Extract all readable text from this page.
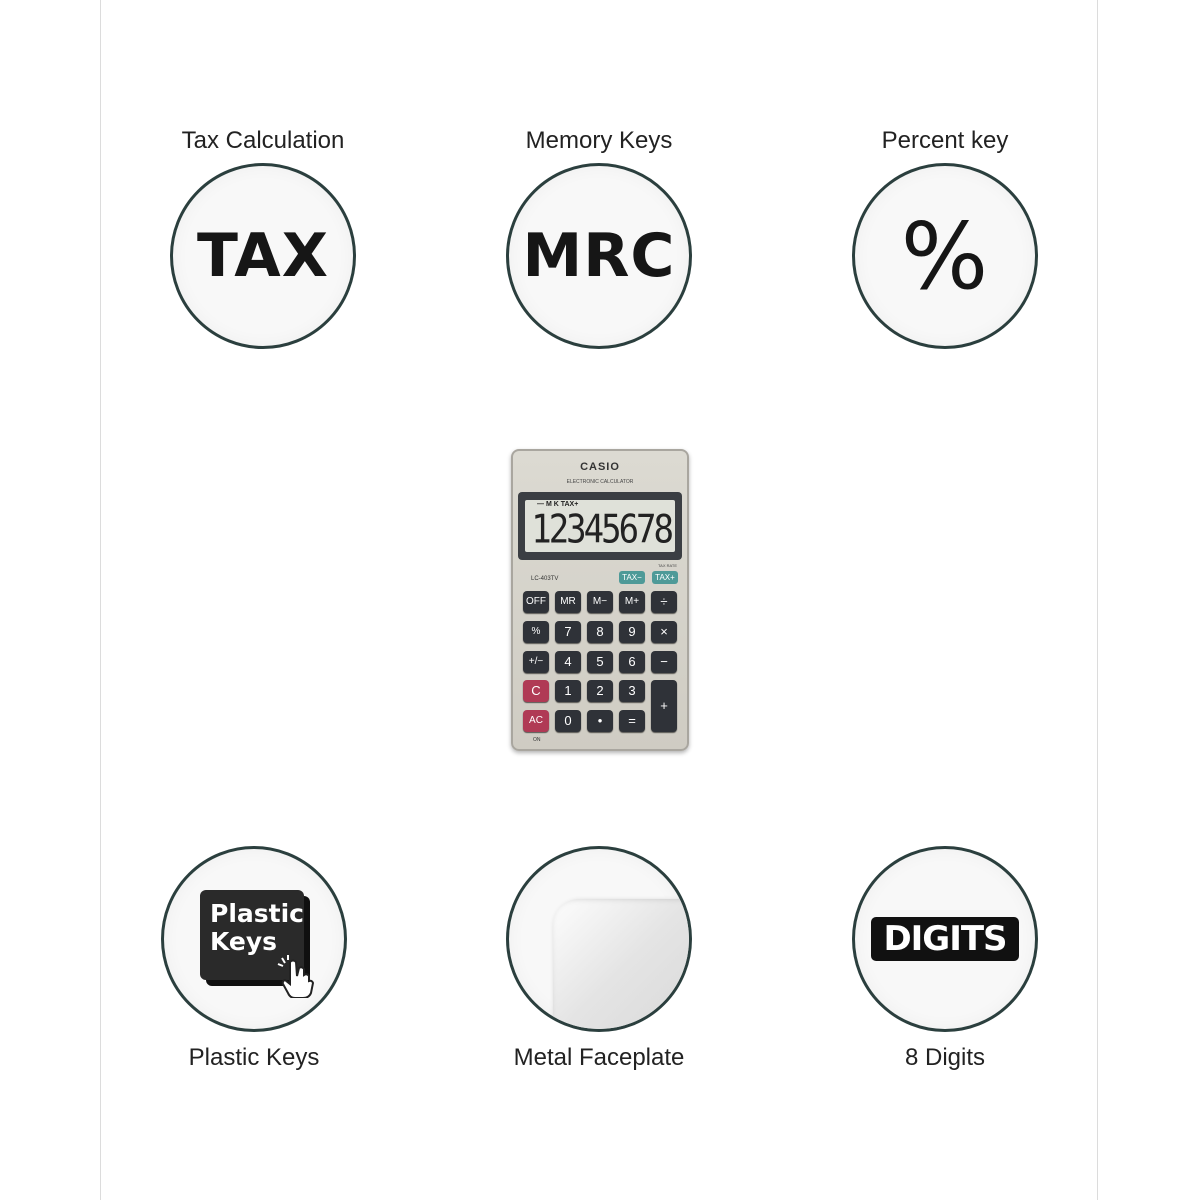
Tax Calculation
TAX
Memory Keys
MRC
Percent key
%
CASIO
ELECTRONIC CALCULATOR
— M K TAX+
12345678
TAX RATE
LC-403TV	TAX−	TAX+
OFF	MR	M−	M+	÷
%	7	8	9	×
+/−	4	5	6	−
C	1	2	3
+
AC	0	•	=
ON
Plastic
Keys
Plastic Keys	Metal Faceplate
DIGITS
8 Digits
